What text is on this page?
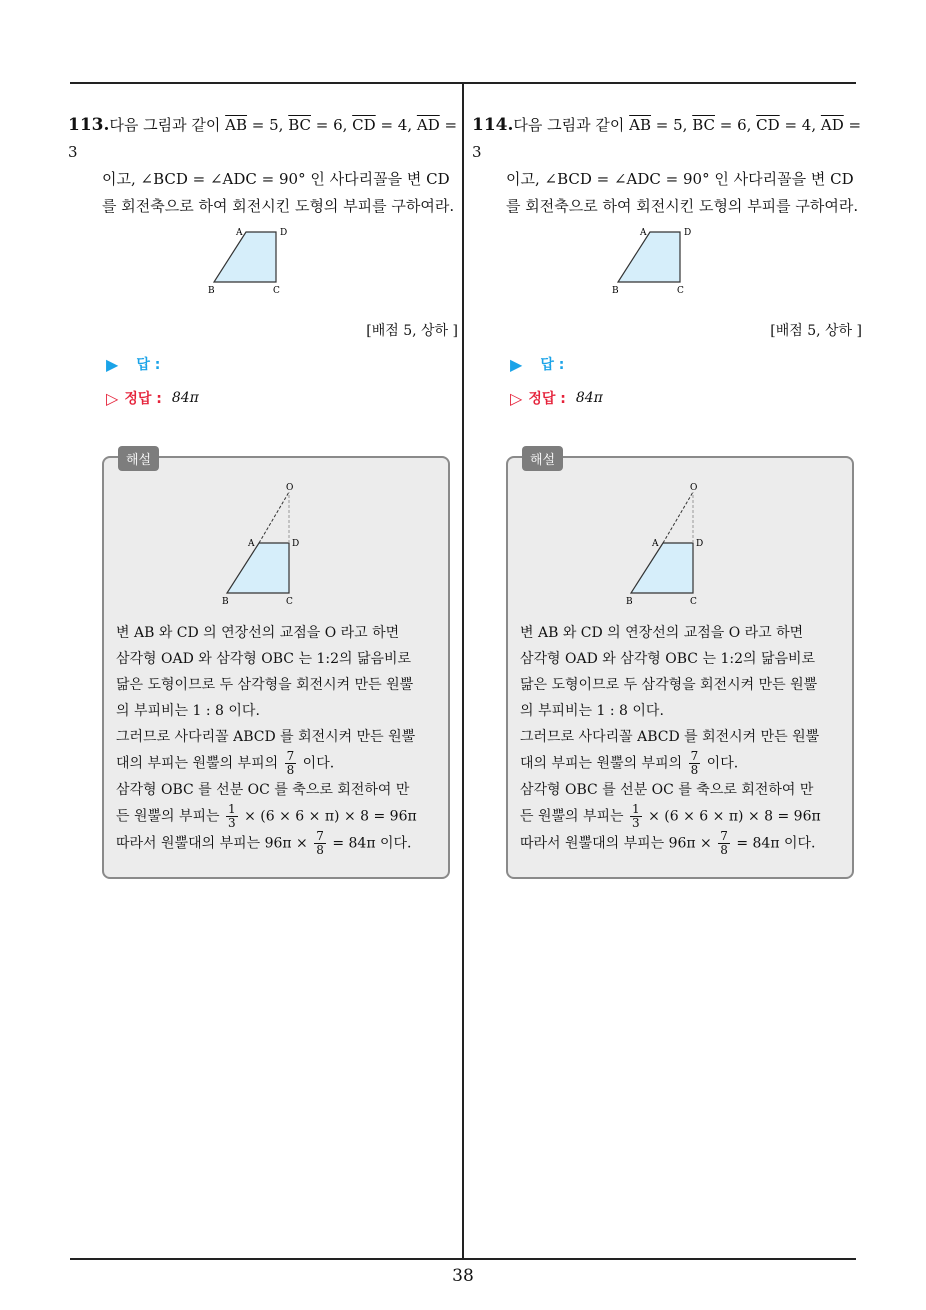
113.다음 그림과 같이 $\overline{AB} = 5$, $\overline{BC} = 6$, $\overline{CD} = 4$, $\overline{AD} = 3$
이고, ∠BCD = ∠ADC = 90° 인 사다리꼴을 변 CD
를 회전축으로 하여 회전시킨 도형의 부피를 구하여라.
A	D
B	C
[배점 5, 상하 ]
▶ 답 :
▷ 정답 : 84π
해설
O
A	D
B	C
변 AB 와 CD 의 연장선의 교점을 O 라고 하면
삼각형 OAD 와 삼각형 OBC 는 1:2의 닮음비로
닮은 도형이므로 두 삼각형을 회전시켜 만든 원뿔
의 부피비는 1 : 8 이다.
그러므로 사다리꼴 ABCD 를 회전시켜 만든 원뿔
대의 부피는 원뿔의 부피의 $\frac{7}{8}$ 이다.
삼각형 OBC 를 선분 OC 를 축으로 회전하여 만
든 원뿔의 부피는 $\frac{1}{3} \times (6 \times 6 \times \pi) \times 8 = 96\pi$
따라서 원뿔대의 부피는 $96\pi \times \frac{7}{8} = 84\pi$ 이다.
114.다음 그림과 같이 $\overline{AB} = 5$, $\overline{BC} = 6$, $\overline{CD} = 4$, $\overline{AD} = 3$
이고, ∠BCD = ∠ADC = 90° 인 사다리꼴을 변 CD
를 회전축으로 하여 회전시킨 도형의 부피를 구하여라.
A	D
B	C
[배점 5, 상하 ]
▶ 답 :
▷ 정답 : 84π
해설
O
A	D
B	C
변 AB 와 CD 의 연장선의 교점을 O 라고 하면
삼각형 OAD 와 삼각형 OBC 는 1:2의 닮음비로
닮은 도형이므로 두 삼각형을 회전시켜 만든 원뿔
의 부피비는 1 : 8 이다.
그러므로 사다리꼴 ABCD 를 회전시켜 만든 원뿔
대의 부피는 원뿔의 부피의 $\frac{7}{8}$ 이다.
삼각형 OBC 를 선분 OC 를 축으로 회전하여 만
든 원뿔의 부피는 $\frac{1}{3} \times (6 \times 6 \times \pi) \times 8 = 96\pi$
따라서 원뿔대의 부피는 $96\pi \times \frac{7}{8} = 84\pi$ 이다.
38
